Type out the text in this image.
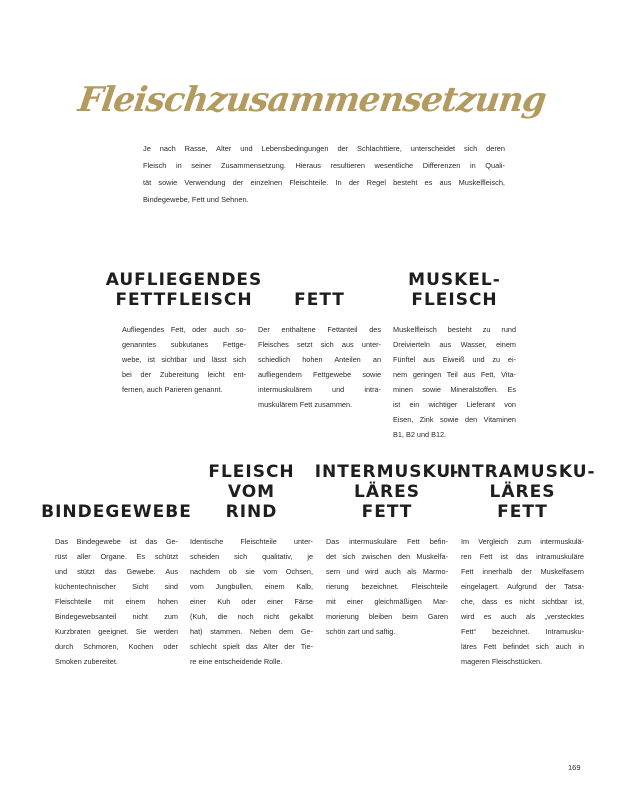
Fleischzusammensetzung
Je nach Rasse, Alter und Lebensbedingungen der Schlachttiere, unterscheidet sich deren
Fleisch in seiner Zusammensetzung. Hieraus resultieren wesentliche Differenzen in Quali-
tät sowie Verwendung der einzelnen Fleischteile. In der Regel besteht es aus Muskelfleisch,
Bindegewebe, Fett und Sehnen.
AUFLIEGENDES
FETTFLEISCH
Aufliegendes Fett, oder auch so-
genanntes subkutanes Fettge-
webe, ist sichtbar und lässt sich
bei der Zubereitung leicht ent-
fernen, auch Parieren genannt.
FETT
Der enthaltene Fettanteil des
Fleisches setzt sich aus unter-
schiedlich hohen Anteilen an
aufliegendem Fettgewebe sowie
intermuskulärem und intra-
muskulärem Fett zusammen.
MUSKEL-
FLEISCH
Muskelfleisch besteht zu rund
Dreivierteln aus Wasser, einem
Fünftel aus Eiweiß und zu ei-
nem geringen Teil aus Fett, Vita-
minen sowie Mineralstoffen. Es
ist ein wichtiger Lieferant von
Eisen, Zink sowie den Vitaminen
B1, B2 und B12.
BINDEGEWEBE
Das Bindegewebe ist das Ge-
rüst aller Organe. Es schützt
und stützt das Gewebe. Aus
küchentechnischer Sicht sind
Fleischteile mit einem hohen
Bindegewebsanteil nicht zum
Kurzbraten geeignet. Sie werden
durch Schmoren, Kochen oder
Smoken zubereitet.
FLEISCH VOM
RIND
Identische Fleischteile unter-
scheiden sich qualitativ, je
nachdem ob sie vom Ochsen,
vom Jungbullen, einem Kalb,
einer Kuh oder einer Färse
(Kuh, die noch nicht gekalbt
hat) stammen. Neben dem Ge-
schlecht spielt das Alter der Tie-
re eine entscheidende Rolle.
INTERMUSKU-
LÄRES FETT
Das intermuskuläre Fett befin-
det sich zwischen den Muskelfa-
sern und wird auch als Marmo-
rierung bezeichnet. Fleischteile
mit einer gleichmäßigen Mar-
morierung bleiben beim Garen
schön zart und saftig.
INTRAMUSKU-
LÄRES FETT
Im Vergleich zum intermuskulä-
ren Fett ist das intramuskuläre
Fett innerhalb der Muskelfasern
eingelagert. Aufgrund der Tatsa-
che, dass es nicht sichtbar ist,
wird es auch als „verstecktes
Fett“ bezeichnet. Intramusku-
läres Fett befindet sich auch in
mageren Fleischstücken.
169
